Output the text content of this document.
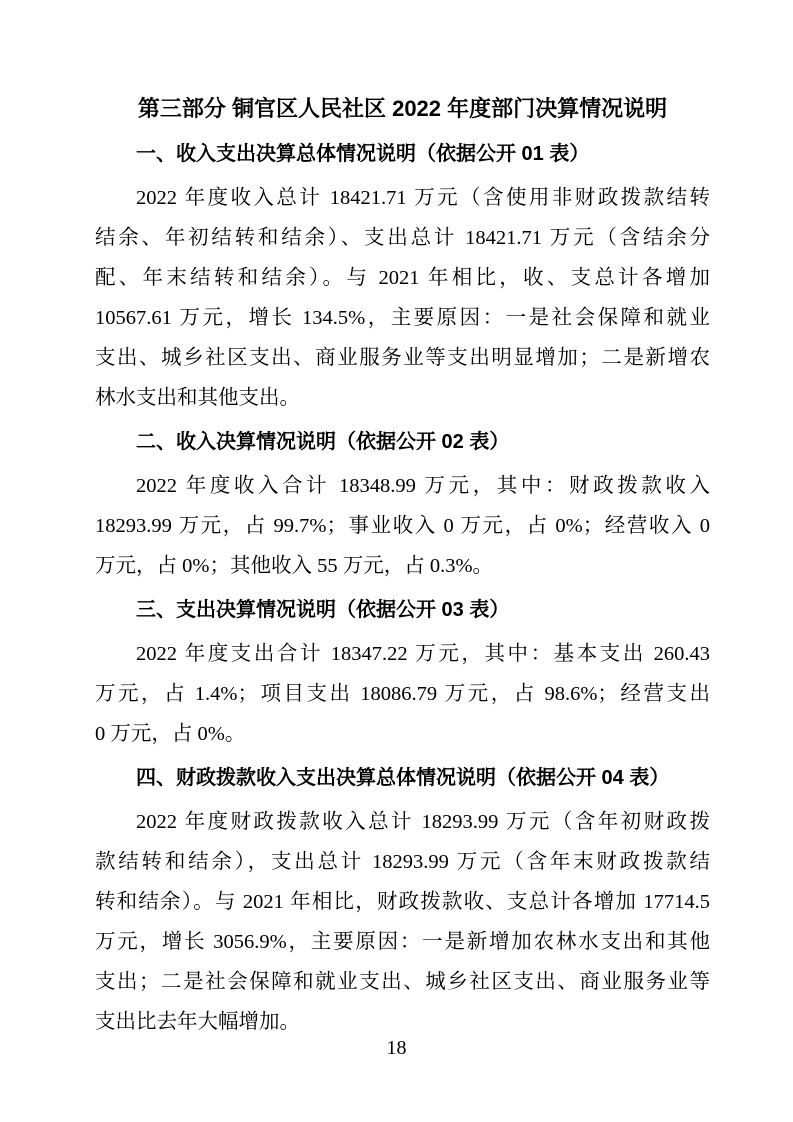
第三部分 铜官区人民社区 2022 年度部门决算情况说明
一、收入支出决算总体情况说明（依据公开 01 表）
2022 年度收入总计 18421.71 万元（含使用非财政拨款结转
结余、年初结转和结余）、支出总计 18421.71 万元（含结余分
配、年末结转和结余）。与 2021 年相比，收、支总计各增加
10567.61 万元，增长 134.5%，主要原因：一是社会保障和就业
支出、城乡社区支出、商业服务业等支出明显增加；二是新增农
林水支出和其他支出。
二、收入决算情况说明（依据公开 02 表）
2022 年度收入合计 18348.99 万元，其中：财政拨款收入
18293.99 万元，占 99.7%；事业收入 0 万元，占 0%；经营收入 0
万元，占 0%；其他收入 55 万元，占 0.3%。
三、支出决算情况说明（依据公开 03 表）
2022 年度支出合计 18347.22 万元，其中：基本支出 260.43
万元，占 1.4%；项目支出 18086.79 万元，占 98.6%；经营支出
0 万元，占 0%。
四、财政拨款收入支出决算总体情况说明（依据公开 04 表）
2022 年度财政拨款收入总计 18293.99 万元（含年初财政拨
款结转和结余），支出总计 18293.99 万元（含年末财政拨款结
转和结余）。与 2021 年相比，财政拨款收、支总计各增加 17714.5
万元，增长 3056.9%，主要原因：一是新增加农林水支出和其他
支出；二是社会保障和就业支出、城乡社区支出、商业服务业等
支出比去年大幅增加。
18
